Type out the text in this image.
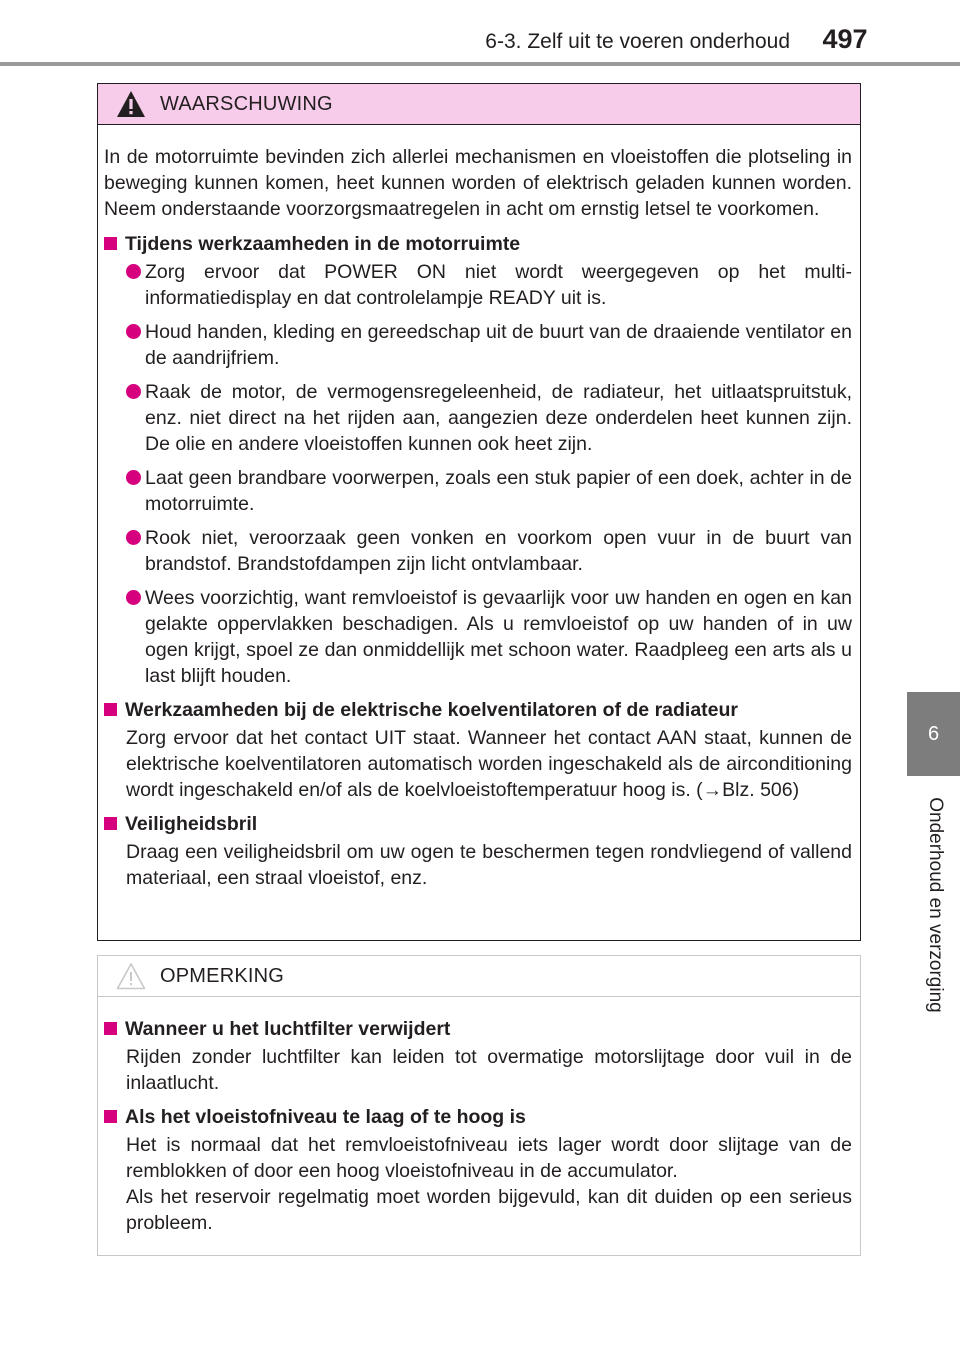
6-3. Zelf uit te voeren onderhoud	497
6
Onderhoud en verzorging
WAARSCHUWING
In de motorruimte bevinden zich allerlei mechanismen en vloeistoffen die plotseling in beweging kunnen komen, heet kunnen worden of elektrisch geladen kunnen worden. Neem onderstaande voorzorgsmaatregelen in acht om ernstig letsel te voorkomen.
Tijdens werkzaamheden in de motorruimte
Zorg ervoor dat POWER ON niet wordt weergegeven op het multi-informatiedisplay en dat controlelampje READY uit is.
Houd handen, kleding en gereedschap uit de buurt van de draaiende ventilator en de aandrijfriem.
Raak de motor, de vermogensregeleenheid, de radiateur, het uitlaatspruitstuk, enz. niet direct na het rijden aan, aangezien deze onderdelen heet kunnen zijn. De olie en andere vloeistoffen kunnen ook heet zijn.
Laat geen brandbare voorwerpen, zoals een stuk papier of een doek, achter in de motorruimte.
Rook niet, veroorzaak geen vonken en voorkom open vuur in de buurt van brandstof. Brandstofdampen zijn licht ontvlambaar.
Wees voorzichtig, want remvloeistof is gevaarlijk voor uw handen en ogen en kan gelakte oppervlakken beschadigen. Als u remvloeistof op uw handen of in uw ogen krijgt, spoel ze dan onmiddellijk met schoon water. Raadpleeg een arts als u last blijft houden.
Werkzaamheden bij de elektrische koelventilatoren of de radiateur
Zorg ervoor dat het contact UIT staat. Wanneer het contact AAN staat, kunnen de elektrische koelventilatoren automatisch worden ingeschakeld als de airconditioning wordt ingeschakeld en/of als de koelvloeistoftemperatuur hoog is. (→Blz. 506)
Veiligheidsbril
Draag een veiligheidsbril om uw ogen te beschermen tegen rondvliegend of vallend materiaal, een straal vloeistof, enz.
OPMERKING
Wanneer u het luchtfilter verwijdert
Rijden zonder luchtfilter kan leiden tot overmatige motorslijtage door vuil in de inlaatlucht.
Als het vloeistofniveau te laag of te hoog is
Het is normaal dat het remvloeistofniveau iets lager wordt door slijtage van de remblokken of door een hoog vloeistofniveau in de accumulator.
Als het reservoir regelmatig moet worden bijgevuld, kan dit duiden op een serieus probleem.
